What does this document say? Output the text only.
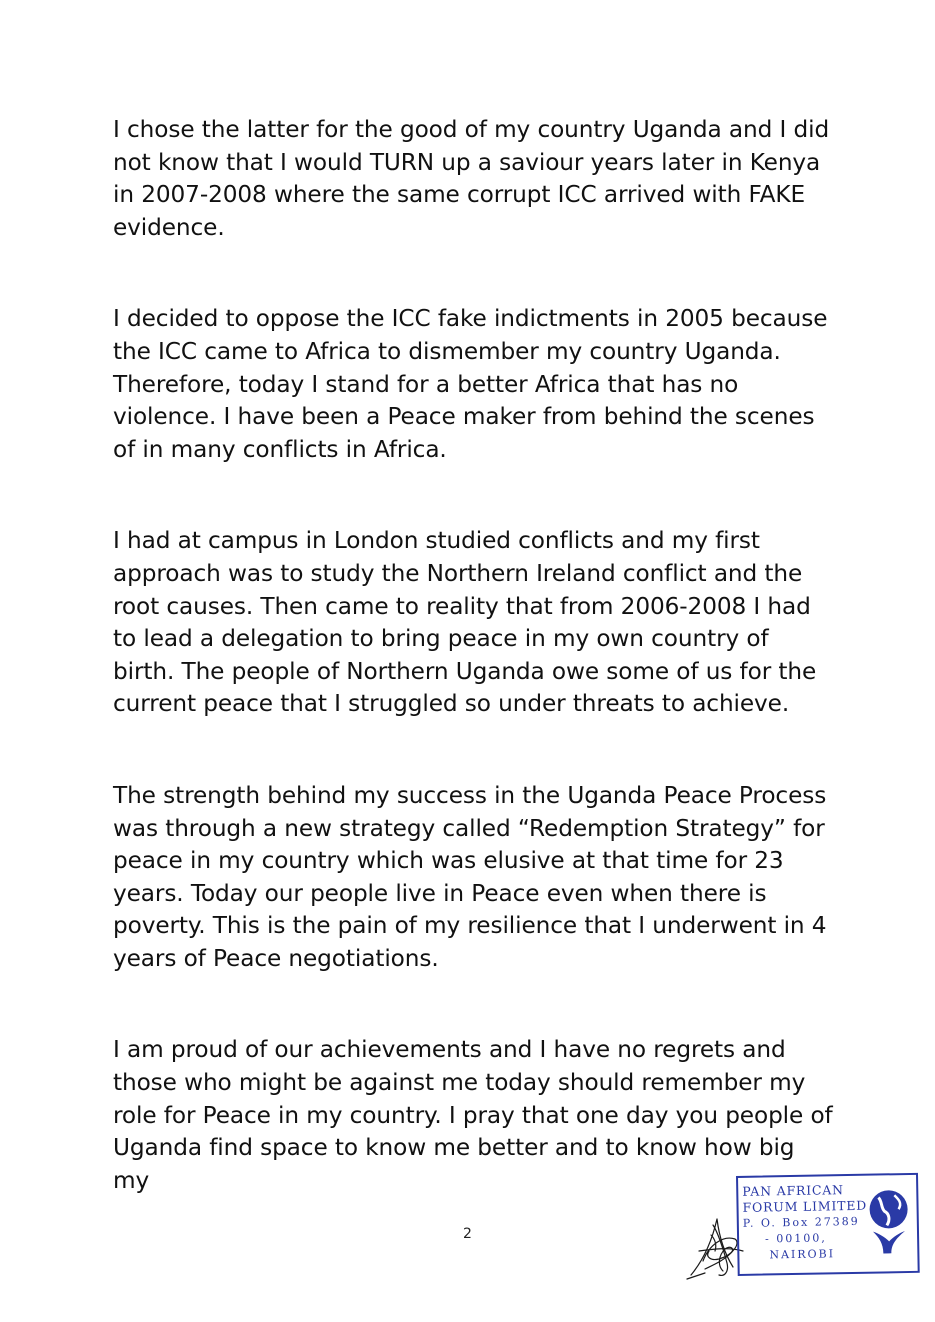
I chose the latter for the good of my country Uganda and I did not know that I would TURN up a saviour years later in Kenya in 2007-2008 where the same corrupt ICC arrived with FAKE evidence.

I decided to oppose the ICC fake indictments in 2005 because the ICC came to Africa to dismember my country Uganda. Therefore, today I stand for a better Africa that has no violence. I have been a Peace maker from behind the scenes of in many conflicts in Africa.

I had at campus in London studied conflicts and my first approach was to study the Northern Ireland conflict and the root causes. Then came to reality that from 2006-2008 I had to lead a delegation to bring peace in my own country of birth. The people of Northern Uganda owe some of us for the current peace that I struggled so under threats to achieve.

The strength behind my success in the Uganda Peace Process was through a new strategy called “Redemption Strategy” for peace in my country which was elusive at that time for 23 years. Today our people live in Peace even when there is poverty. This is the pain of my resilience that I underwent in 4 years of Peace negotiations.

I am proud of our achievements and I have no regrets and those who might be against me today should remember my role for Peace in my country. I pray that one day you people of Uganda find space to know me better and to know how big my

2
PAN AFRICAN
FORUM LIMITED
P. O. Box 27389
- 00100,
NAIROBI
